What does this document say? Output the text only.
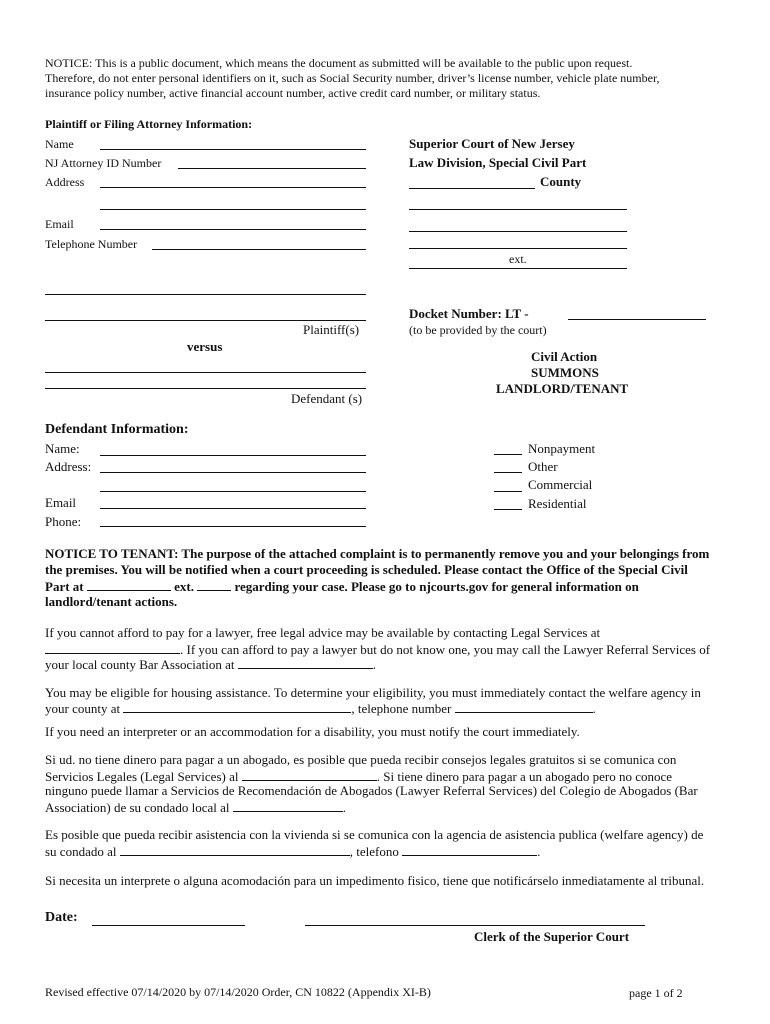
NOTICE: This is a public document, which means the document as submitted will be available to the public upon request.
Therefore, do not enter personal identifiers on it, such as Social Security number, driver’s license number, vehicle plate number,
insurance policy number, active financial account number, active credit card number, or military status.
Plaintiff or Filing Attorney Information:
Name
NJ Attorney ID Number
Address
Email
Telephone Number
Superior Court of New Jersey
Law Division, Special Civil Part
County
ext.
Plaintiff(s)
versus
Defendant (s)
Docket Number: LT -
(to be provided by the court)
Civil Action
SUMMONS
LANDLORD/TENANT
Defendant Information:
Name:
Address:
Email
Phone:
Nonpayment
Other
Commercial
Residential
NOTICE TO TENANT: The purpose of the attached complaint is to permanently remove you and your belongings from
the premises. You will be notified when a court proceeding is scheduled. Please contact the Office of the Special Civil
Part at	ext.	regarding your case. Please go to njcourts.gov for general information on
landlord/tenant actions.
If you cannot afford to pay for a lawyer, free legal advice may be available by contacting Legal Services at
. If you can afford to pay a lawyer but do not know one, you may call the Lawyer Referral Services of
your local county Bar Association at	.
You may be eligible for housing assistance. To determine your eligibility, you must immediately contact the welfare agency in
your county at	, telephone number	.
If you need an interpreter or an accommodation for a disability, you must notify the court immediately.
Si ud. no tiene dinero para pagar a un abogado, es posible que pueda recibir consejos legales gratuitos si se comunica con
Servicios Legales (Legal Services) al	. Si tiene dinero para pagar a un abogado pero no conoce
ninguno puede llamar a Servicios de Recomendación de Abogados (Lawyer Referral Services) del Colegio de Abogados (Bar
Association) de su condado local al	.
Es posible que pueda recibir asistencia con la vivienda si se comunica con la agencia de asistencia publica (welfare agency) de
su condado al	, telefono	.
Si necesita un interprete o alguna acomodación para un impedimento fisico, tiene que notificárselo inmediatamente al tribunal.
Date:
Clerk of the Superior Court
Revised effective 07/14/2020 by 07/14/2020 Order, CN 10822 (Appendix XI-B)	page 1 of 2
